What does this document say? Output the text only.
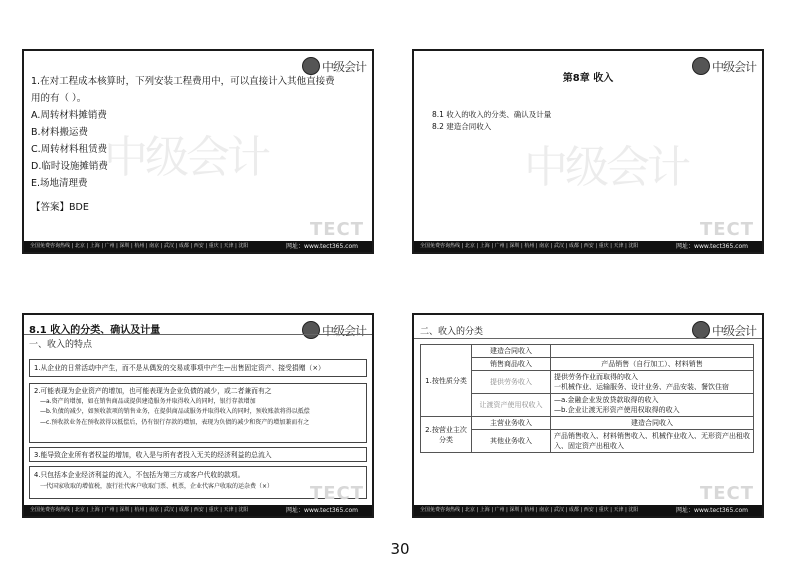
中级会计
中级会计
1.在对工程成本核算时，下列安装工程费用中，可以直接计入其他直接费用的有（ ）。
A.周转材料摊销费
B.材料搬运费
C.周转材料租赁费
D.临时设施摊销费
E.场地清理费
【答案】BDE
TECT
全国免费咨询热线 | 北京 | 上海 | 广州 | 深圳 | 杭州 | 南京 | 武汉 | 成都 | 西安 | 重庆 | 天津 | 沈阳	网址：www.tect365.com
中级会计
中级会计
第8章 收入
8.1 收入的收入的分类、确认及计量
8.2 建造合同收入
TECT
全国免费咨询热线 | 北京 | 上海 | 广州 | 深圳 | 杭州 | 南京 | 武汉 | 成都 | 西安 | 重庆 | 天津 | 沈阳	网址：www.tect365.com
中级会计
8.1 收入的分类、确认及计量
一、收入的特点
1.从企业的日常活动中产生，而不是从偶发的交易或事项中产生—出售固定资产、接受捐赠（×）
2.可能表现为企业资产的增加，也可能表现为企业负债的减少，或二者兼而有之
—a.资产的增加，如在销售商品或提供建造服务并取得收入的同时，银行存款增加
—b.负债的减少，如预收款项的销售业务，在提供商品或服务并取得收入的同时，预收账款将得以抵偿
—c.预收款业务在预收款得以抵偿后，仍有银行存款的增加，表现为负债的减少和资产的增加兼而有之
3.能导致企业所有者权益的增加，收入是与所有者投入无关的经济利益的总流入
4.只包括本企业经济利益的流入，不包括为第三方或客户代收的款项。
一代国家收取的增值税，旅行社代客户收取门票、机票，企业代客户收取的运杂费（×）	TECT
全国免费咨询热线 | 北京 | 上海 | 广州 | 深圳 | 杭州 | 南京 | 武汉 | 成都 | 西安 | 重庆 | 天津 | 沈阳	网址：www.tect365.com
中级会计
二、收入的分类
1.按性质分类	建造合同收入	
	销售商品收入	产品销售（自行加工）、材料销售
	提供劳务收入	提供劳务作业而取得的收入
一机械作业、运输服务、设计业务、产品安装、餐饮住宿

	让渡资产使用权收入	—a.金融企业发放贷款取得的收入
—b.企业让渡无形资产使用权取得的收入

2.按营业主次分类	主营业务收入	建造合同收入
	其他业务收入	产品销售收入、材料销售收入、机械作业收入、无形资产出租收入、固定资产出租收入
TECT
全国免费咨询热线 | 北京 | 上海 | 广州 | 深圳 | 杭州 | 南京 | 武汉 | 成都 | 西安 | 重庆 | 天津 | 沈阳	网址：www.tect365.com
30
